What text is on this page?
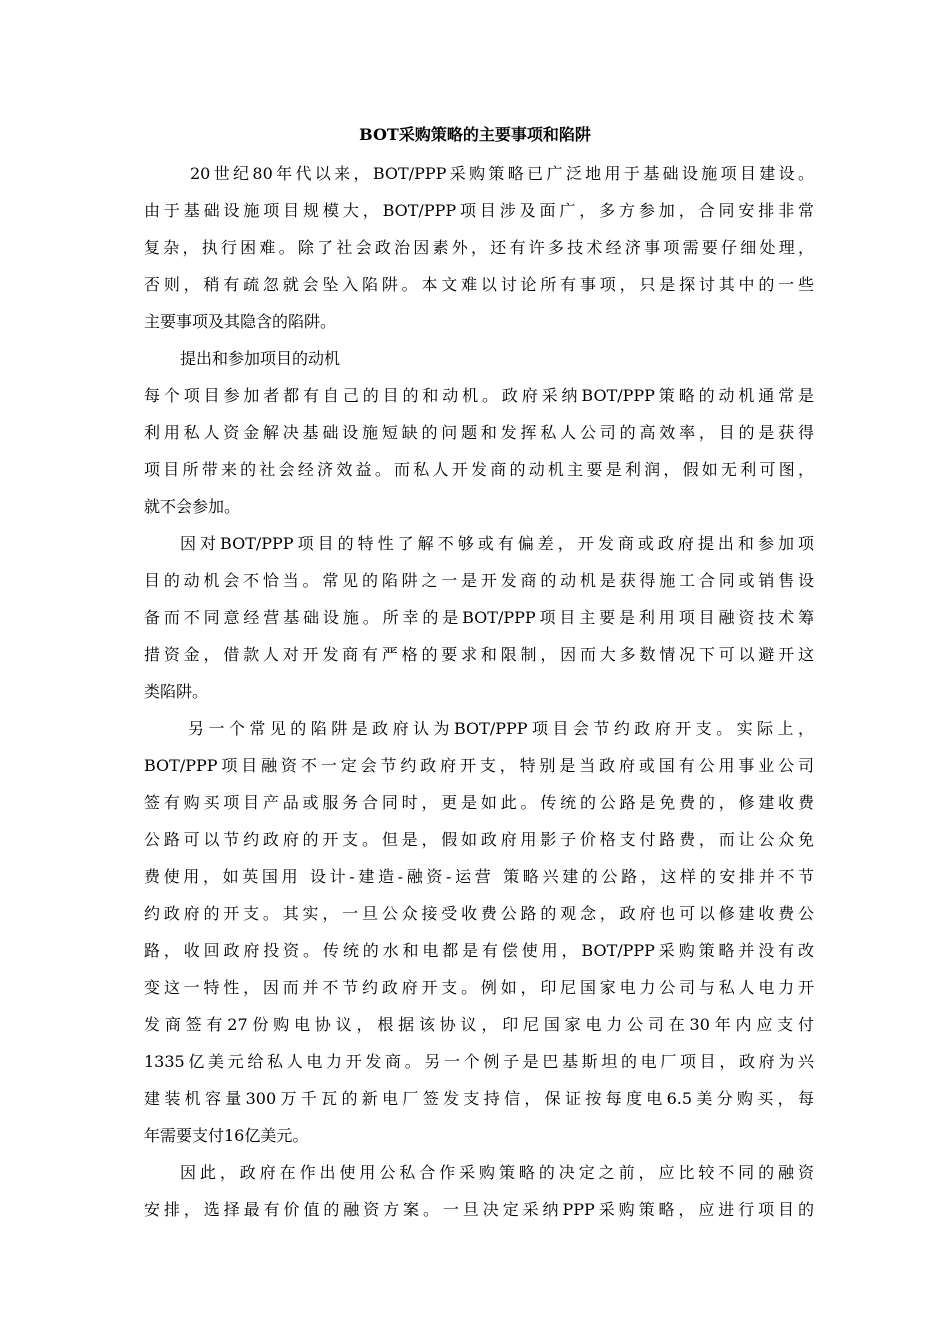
BOT采购策略的主要事项和陷阱
20世纪80年代以来，BOT/PPP采购策略已广泛地用于基础设施项目建设。
由于基础设施项目规模大，BOT/PPP项目涉及面广，多方参加，合同安排非常
复杂，执行困难。除了社会政治因素外，还有许多技术经济事项需要仔细处理，
否则，稍有疏忽就会坠入陷阱。本文难以讨论所有事项，只是探讨其中的一些
主要事项及其隐含的陷阱。
提出和参加项目的动机
每个项目参加者都有自己的目的和动机。政府采纳BOT/PPP策略的动机通常是
利用私人资金解决基础设施短缺的问题和发挥私人公司的高效率，目的是获得
项目所带来的社会经济效益。而私人开发商的动机主要是利润，假如无利可图，
就不会参加。
因对BOT/PPP项目的特性了解不够或有偏差，开发商或政府提出和参加项
目的动机会不恰当。常见的陷阱之一是开发商的动机是获得施工合同或销售设
备而不同意经营基础设施。所幸的是BOT/PPP项目主要是利用项目融资技术筹
措资金，借款人对开发商有严格的要求和限制，因而大多数情况下可以避开这
类陷阱。
另一个常见的陷阱是政府认为BOT/PPP项目会节约政府开支。实际上，
BOT/PPP项目融资不一定会节约政府开支，特别是当政府或国有公用事业公司
签有购买项目产品或服务合同时，更是如此。传统的公路是免费的，修建收费
公路可以节约政府的开支。但是，假如政府用影子价格支付路费，而让公众免
费使用，如英国用 设计-建造-融资-运营 策略兴建的公路，这样的安排并不节
约政府的开支。其实，一旦公众接受收费公路的观念，政府也可以修建收费公
路，收回政府投资。传统的水和电都是有偿使用，BOT/PPP采购策略并没有改
变这一特性，因而并不节约政府开支。例如，印尼国家电力公司与私人电力开
发商签有27份购电协议，根据该协议，印尼国家电力公司在30年内应支付
1335亿美元给私人电力开发商。另一个例子是巴基斯坦的电厂项目，政府为兴
建装机容量300万千瓦的新电厂签发支持信，保证按每度电6.5美分购买，每
年需要支付16亿美元。
因此，政府在作出使用公私合作采购策略的决定之前，应比较不同的融资
安排，选择最有价值的融资方案。一旦决定采纳PPP采购策略，应进行项目的
